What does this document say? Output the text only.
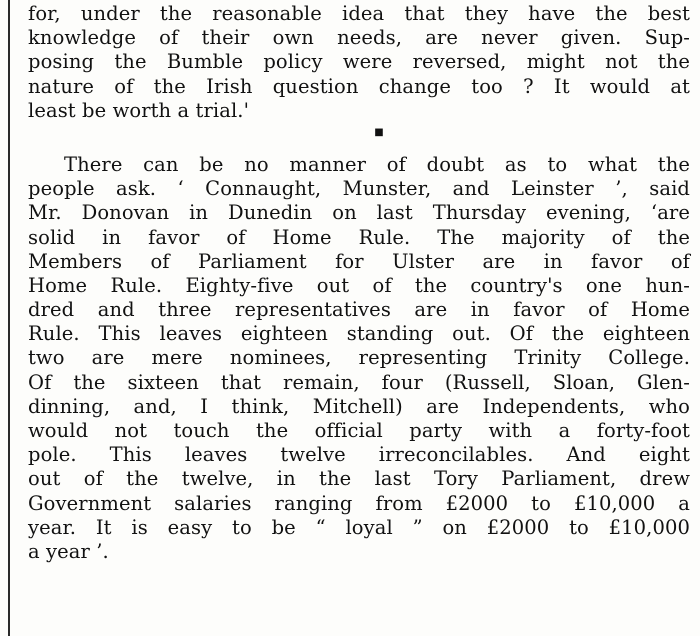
for, under the reasonable idea that they have the best
knowledge of their own needs, are never given. Sup-
posing the Bumble policy were reversed, might not the
nature of the Irish question change too ? It would at
least be worth a trial.'
■
There can be no manner of doubt as to what the
people ask. ‘ Connaught, Munster, and Leinster ’, said
Mr. Donovan in Dunedin on last Thursday evening, ‘are
solid in favor of Home Rule. The majority of the
Members of Parliament for Ulster are in favor of
Home Rule. Eighty-five out of the country's one hun-
dred and three representatives are in favor of Home
Rule. This leaves eighteen standing out. Of the eighteen
two are mere nominees, representing Trinity College.
Of the sixteen that remain, four (Russell, Sloan, Glen-
dinning, and, I think, Mitchell) are Independents, who
would not touch the official party with a forty-foot
pole. This leaves twelve irreconcilables. And eight
out of the twelve, in the last Tory Parliament, drew
Government salaries ranging from £2000 to £10,000 a
year. It is easy to be “ loyal ” on £2000 to £10,000
a year ’.
